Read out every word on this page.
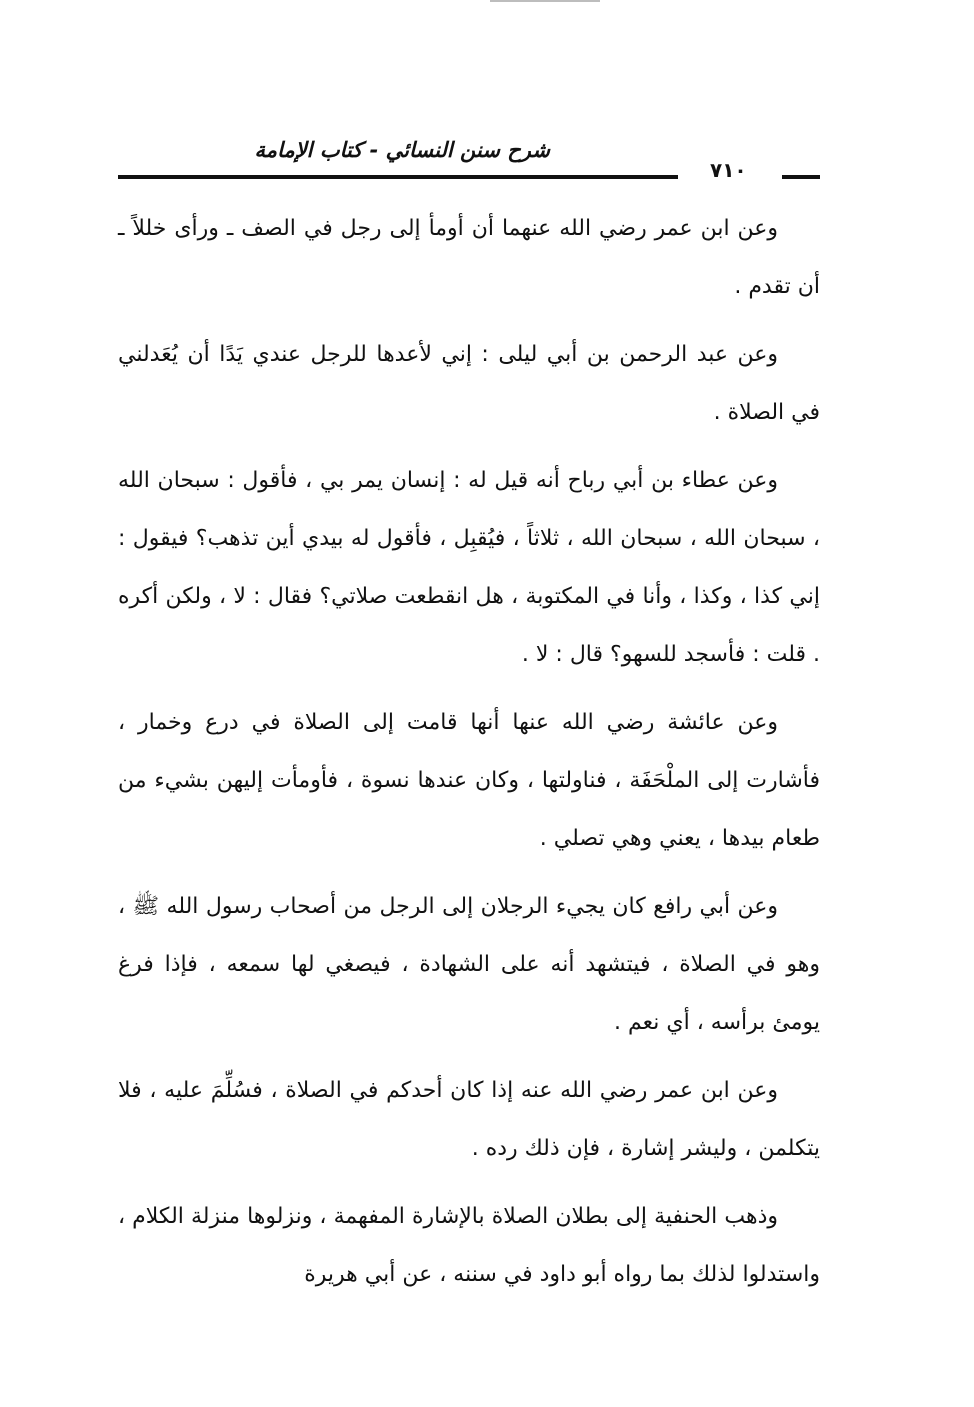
شرح سنن النسائي - كتاب الإمامة
٧١٠

وعن ابن عمر رضي الله عنهما أن أومأ إلى رجل في الصف ـ ورأى خللاً ـ أن تقدم .

وعن عبد الرحمن بن أبي ليلى : إني لأعدها للرجل عندي يَدًا أن يُعَدلني في الصلاة .

وعن عطاء بن أبي رباح أنه قيل له : إنسان يمر بي ، فأقول : سبحان الله ، سبحان الله ، سبحان الله ، ثلاثاً ، فيُقبِل ، فأقول له بيدي أين تذهب؟ فيقول : إني كذا ، وكذا ، وأنا في المكتوبة ، هل انقطعت صلاتي؟ فقال : لا ، ولكن أكره . قلت : فأسجد للسهو؟ قال : لا .

وعن عائشة رضي الله عنها أنها قامت إلى الصلاة في درع وخمار ، فأشارت إلى الملْحَفَة ، فناولتها ، وكان عندها نسوة ، فأومأت إليهن بشيء من طعام بيدها ، يعني وهي تصلي .

وعن أبي رافع كان يجيء الرجلان إلى الرجل من أصحاب رسول الله ﷺ ، وهو في الصلاة ، فيتشهد أنه على الشهادة ، فيصغي لها سمعه ، فإذا فرغ يومئ برأسه ، أي نعم .

وعن ابن عمر رضي الله عنه إذا كان أحدكم في الصلاة ، فسُلِّمَ عليه ، فلا يتكلمن ، وليشر إشارة ، فإن ذلك رده .

وذهب الحنفية إلى بطلان الصلاة بالإشارة المفهمة ، ونزلوها منزلة الكلام ، واستدلوا لذلك بما رواه أبو داود في سننه ، عن أبي هريرة
